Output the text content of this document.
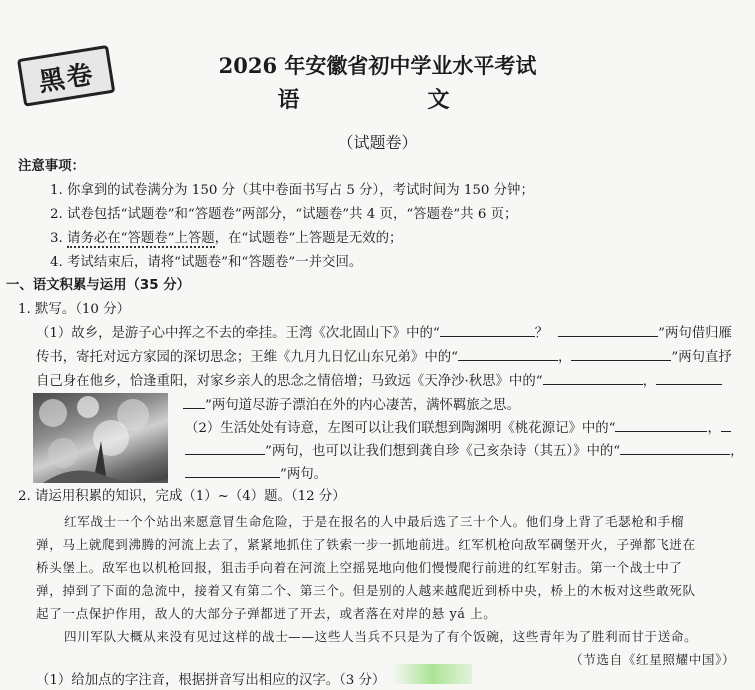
黑卷	2026 年安徽省初中学业水平考试
语　　文
（试题卷）
注意事项：
1. 你拿到的试卷满分为 150 分（其中卷面书写占 5 分），考试时间为 150 分钟；
2. 试卷包括“试题卷”和“答题卷”两部分，“试题卷”共 4 页，“答题卷”共 6 页；
3. 请务必在“答题卷”上答题，在“试题卷”上答题是无效的；
4. 考试结束后，请将“试题卷”和“答题卷”一并交回。
一、语文积累与运用（35 分）
1. 默写。（10 分）
（1）故乡，是游子心中挥之不去的牵挂。王湾《次北固山下》中的“	？	”两句借归雁
传书，寄托对远方家园的深切思念；王维《九月九日忆山东兄弟》中的“	，	”两句直抒
自己身在他乡，恰逢重阳，对家乡亲人的思念之情倍增；马致远《天净沙·秋思》中的“	，
”两句道尽游子漂泊在外的内心凄苦，满怀羁旅之思。
（2）生活处处有诗意，左图可以让我们联想到陶渊明《桃花源记》中的“	，
”两句，也可以让我们想到龚自珍《己亥杂诗（其五）》中的“	，
”两句。
2. 请运用积累的知识，完成（1）~（4）题。（12 分）
红军战士一个个站出来愿意冒生命危险，于是在报名的人中最后选了三十个人。他们身上背了毛瑟枪和手榴
弹，马上就爬到沸腾的河流上去了，紧紧地抓住了铁索一步一抓地前进。红军机枪向敌军碉堡开火，子弹都飞迸在
桥头堡上。敌军也以机枪回报，狙击手向着在河流上空摇晃地向他们慢慢爬行前进的红军射击。第一个战士中了
弹，掉到了下面的急流中，接着又有第二个、第三个。但是别的人越来越爬近到桥中央，桥上的木板对这些敢死队
起了一点保护作用，敌人的大部分子弹都迸了开去，或者落在对岸的悬 yá 上。
四川军队大概从来没有见过这样的战士——这些人当兵不只是为了有个饭碗，这些青年为了胜利而甘于送命。
（节选自《红星照耀中国》）
（1）给加点的字注音，根据拼音写出相应的汉字。（3 分）
